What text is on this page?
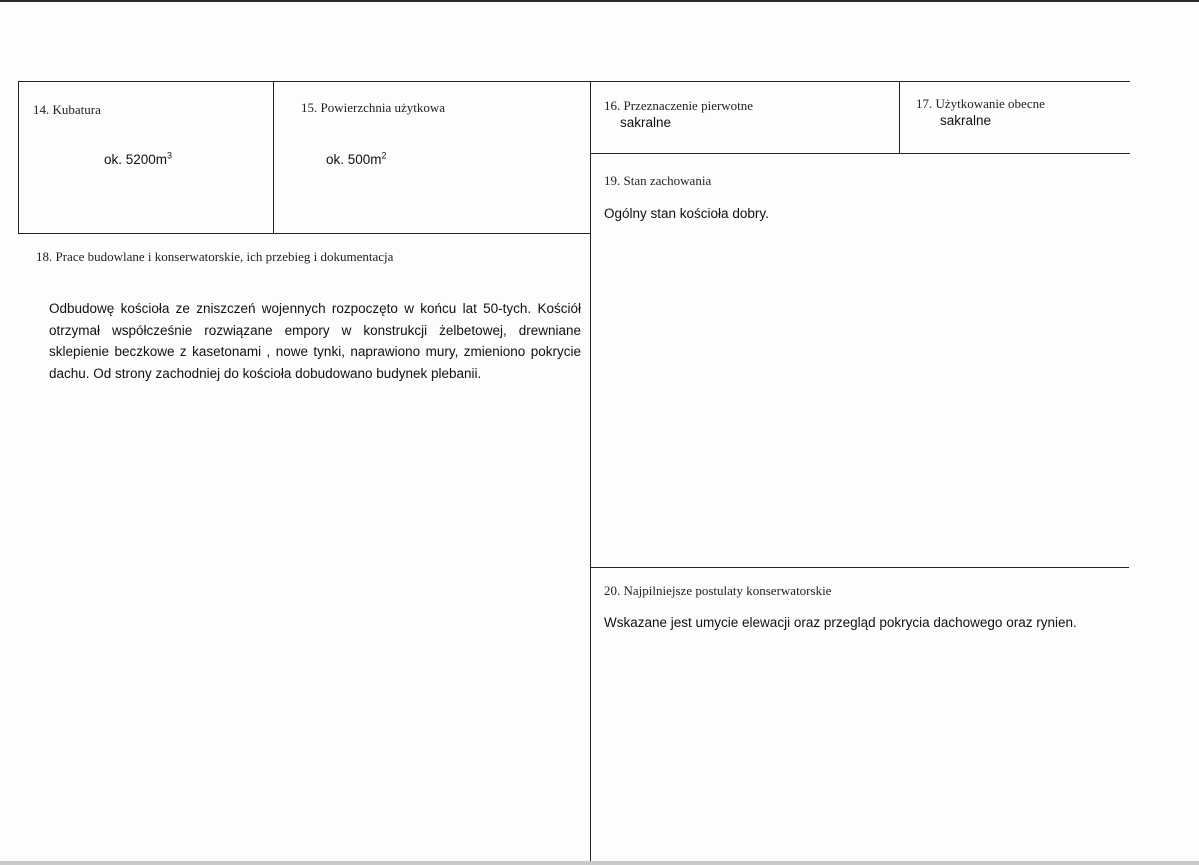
14. Kubatura
ok. $5200m^3$
15. Powierzchnia użytkowa
ok. $500m^2$
16. Przeznaczenie pierwotne
sakralne
17. Użytkowanie obecne
sakralne
19. Stan zachowania
Ogólny stan kościoła dobry.
18. Prace budowlane i konserwatorskie, ich przebieg i dokumentacja
Odbudowę kościoła ze zniszczeń wojennych rozpoczęto w końcu lat 50-tych. Kościół otrzymał współcześnie rozwiązane empory w konstrukcji żelbetowej, drewniane sklepienie beczkowe z kasetonami , nowe tynki, naprawiono mury, zmieniono pokrycie dachu. Od strony zachodniej do kościoła dobudowano budynek plebanii.
20. Najpilniejsze postulaty konserwatorskie
Wskazane jest umycie elewacji oraz przegląd pokrycia dachowego oraz rynien.
